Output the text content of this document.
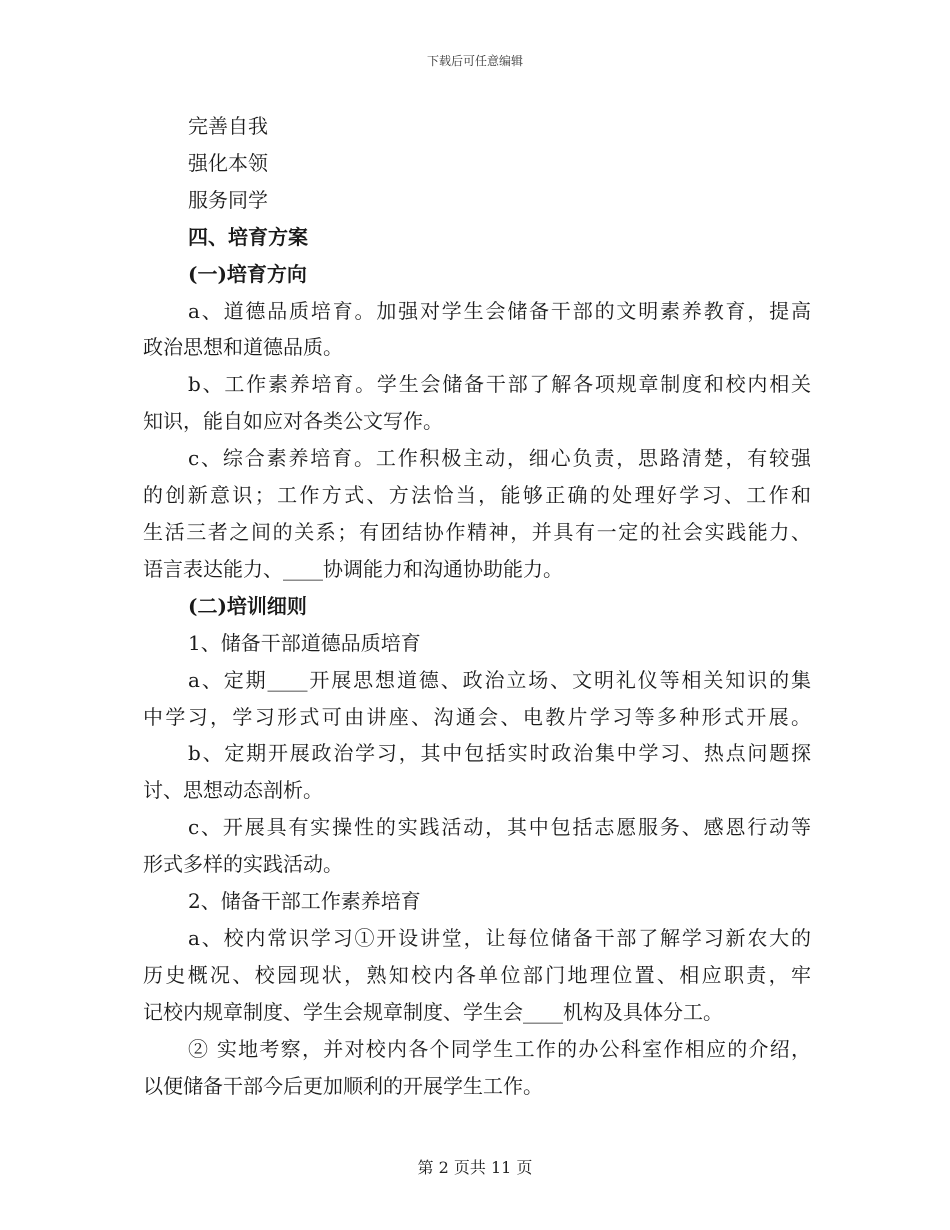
下载后可任意编辑

完善自我

强化本领

服务同学

四、培育方案

(一)培育方向

a、道德品质培育。加强对学生会储备干部的文明素养教育，提高

政治思想和道德品质。

b、工作素养培育。学生会储备干部了解各项规章制度和校内相关

知识，能自如应对各类公文写作。

c、综合素养培育。工作积极主动，细心负责，思路清楚，有较强

的创新意识；工作方式、方法恰当，能够正确的处理好学习、工作和

生活三者之间的关系；有团结协作精神，并具有一定的社会实践能力、

语言表达能力、____协调能力和沟通协助能力。

(二)培训细则

1、储备干部道德品质培育

a、定期____开展思想道德、政治立场、文明礼仪等相关知识的集

中学习，学习形式可由讲座、沟通会、电教片学习等多种形式开展。

b、定期开展政治学习，其中包括实时政治集中学习、热点问题探

讨、思想动态剖析。

c、开展具有实操性的实践活动，其中包括志愿服务、感恩行动等

形式多样的实践活动。

2、储备干部工作素养培育

a、校内常识学习①开设讲堂，让每位储备干部了解学习新农大的

历史概况、校园现状，熟知校内各单位部门地理位置、相应职责，牢

记校内规章制度、学生会规章制度、学生会____机构及具体分工。

② 实地考察，并对校内各个同学生工作的办公科室作相应的介绍，

以便储备干部今后更加顺利的开展学生工作。

第 2 页共 11 页
